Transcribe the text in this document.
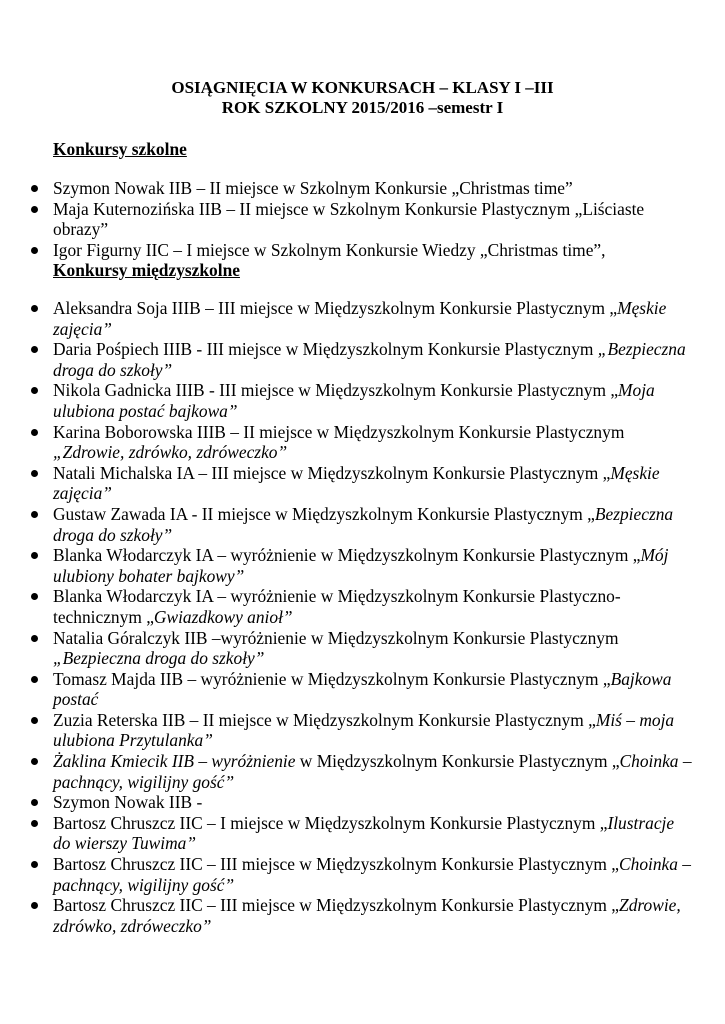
OSIĄGNIĘCIA W KONKURSACH – KLASY I –III
ROK SZKOLNY 2015/2016 –semestr I
Konkursy szkolne
Szymon Nowak IIB – II miejsce w Szkolnym Konkursie „Christmas time”
Maja Kuternozińska IIB – II miejsce w Szkolnym Konkursie Plastycznym „Liściaste
obrazy”
Igor Figurny IIC – I miejsce w Szkolnym Konkursie Wiedzy „Christmas time”,
Konkursy międzyszkolne
Aleksandra Soja IIIB – III miejsce w Międzyszkolnym Konkursie Plastycznym „Męskie
zajęcia”
Daria Pośpiech IIIB - III miejsce w Międzyszkolnym Konkursie Plastycznym „Bezpieczna
droga do szkoły”
Nikola Gadnicka IIIB - III miejsce w Międzyszkolnym Konkursie Plastycznym „Moja
ulubiona postać bajkowa”
Karina Boborowska IIIB – II miejsce w Międzyszkolnym Konkursie Plastycznym
„Zdrowie, zdrówko, zdróweczko”
Natali Michalska IA – III miejsce w Międzyszkolnym Konkursie Plastycznym „Męskie
zajęcia”
Gustaw Zawada IA - II miejsce w Międzyszkolnym Konkursie Plastycznym „Bezpieczna
droga do szkoły”
Blanka Włodarczyk IA – wyróżnienie w Międzyszkolnym Konkursie Plastycznym „Mój
ulubiony bohater bajkowy”
Blanka Włodarczyk IA – wyróżnienie w Międzyszkolnym Konkursie Plastyczno-
technicznym „Gwiazdkowy anioł”
Natalia Góralczyk IIB –wyróżnienie w Międzyszkolnym Konkursie Plastycznym
„Bezpieczna droga do szkoły”
Tomasz Majda IIB – wyróżnienie w Międzyszkolnym Konkursie Plastycznym „Bajkowa
postać
Zuzia Reterska IIB – II miejsce w Międzyszkolnym Konkursie Plastycznym „Miś – moja
ulubiona Przytulanka”
Żaklina Kmiecik IIB – wyróżnienie w Międzyszkolnym Konkursie Plastycznym „Choinka –
pachnący, wigilijny gość”
Szymon Nowak IIB -
Bartosz Chruszcz IIC – I miejsce w Międzyszkolnym Konkursie Plastycznym „Ilustracje
do wierszy Tuwima”
Bartosz Chruszcz IIC – III miejsce w Międzyszkolnym Konkursie Plastycznym „Choinka –
pachnący, wigilijny gość”
Bartosz Chruszcz IIC – III miejsce w Międzyszkolnym Konkursie Plastycznym „Zdrowie,
zdrówko, zdróweczko”
